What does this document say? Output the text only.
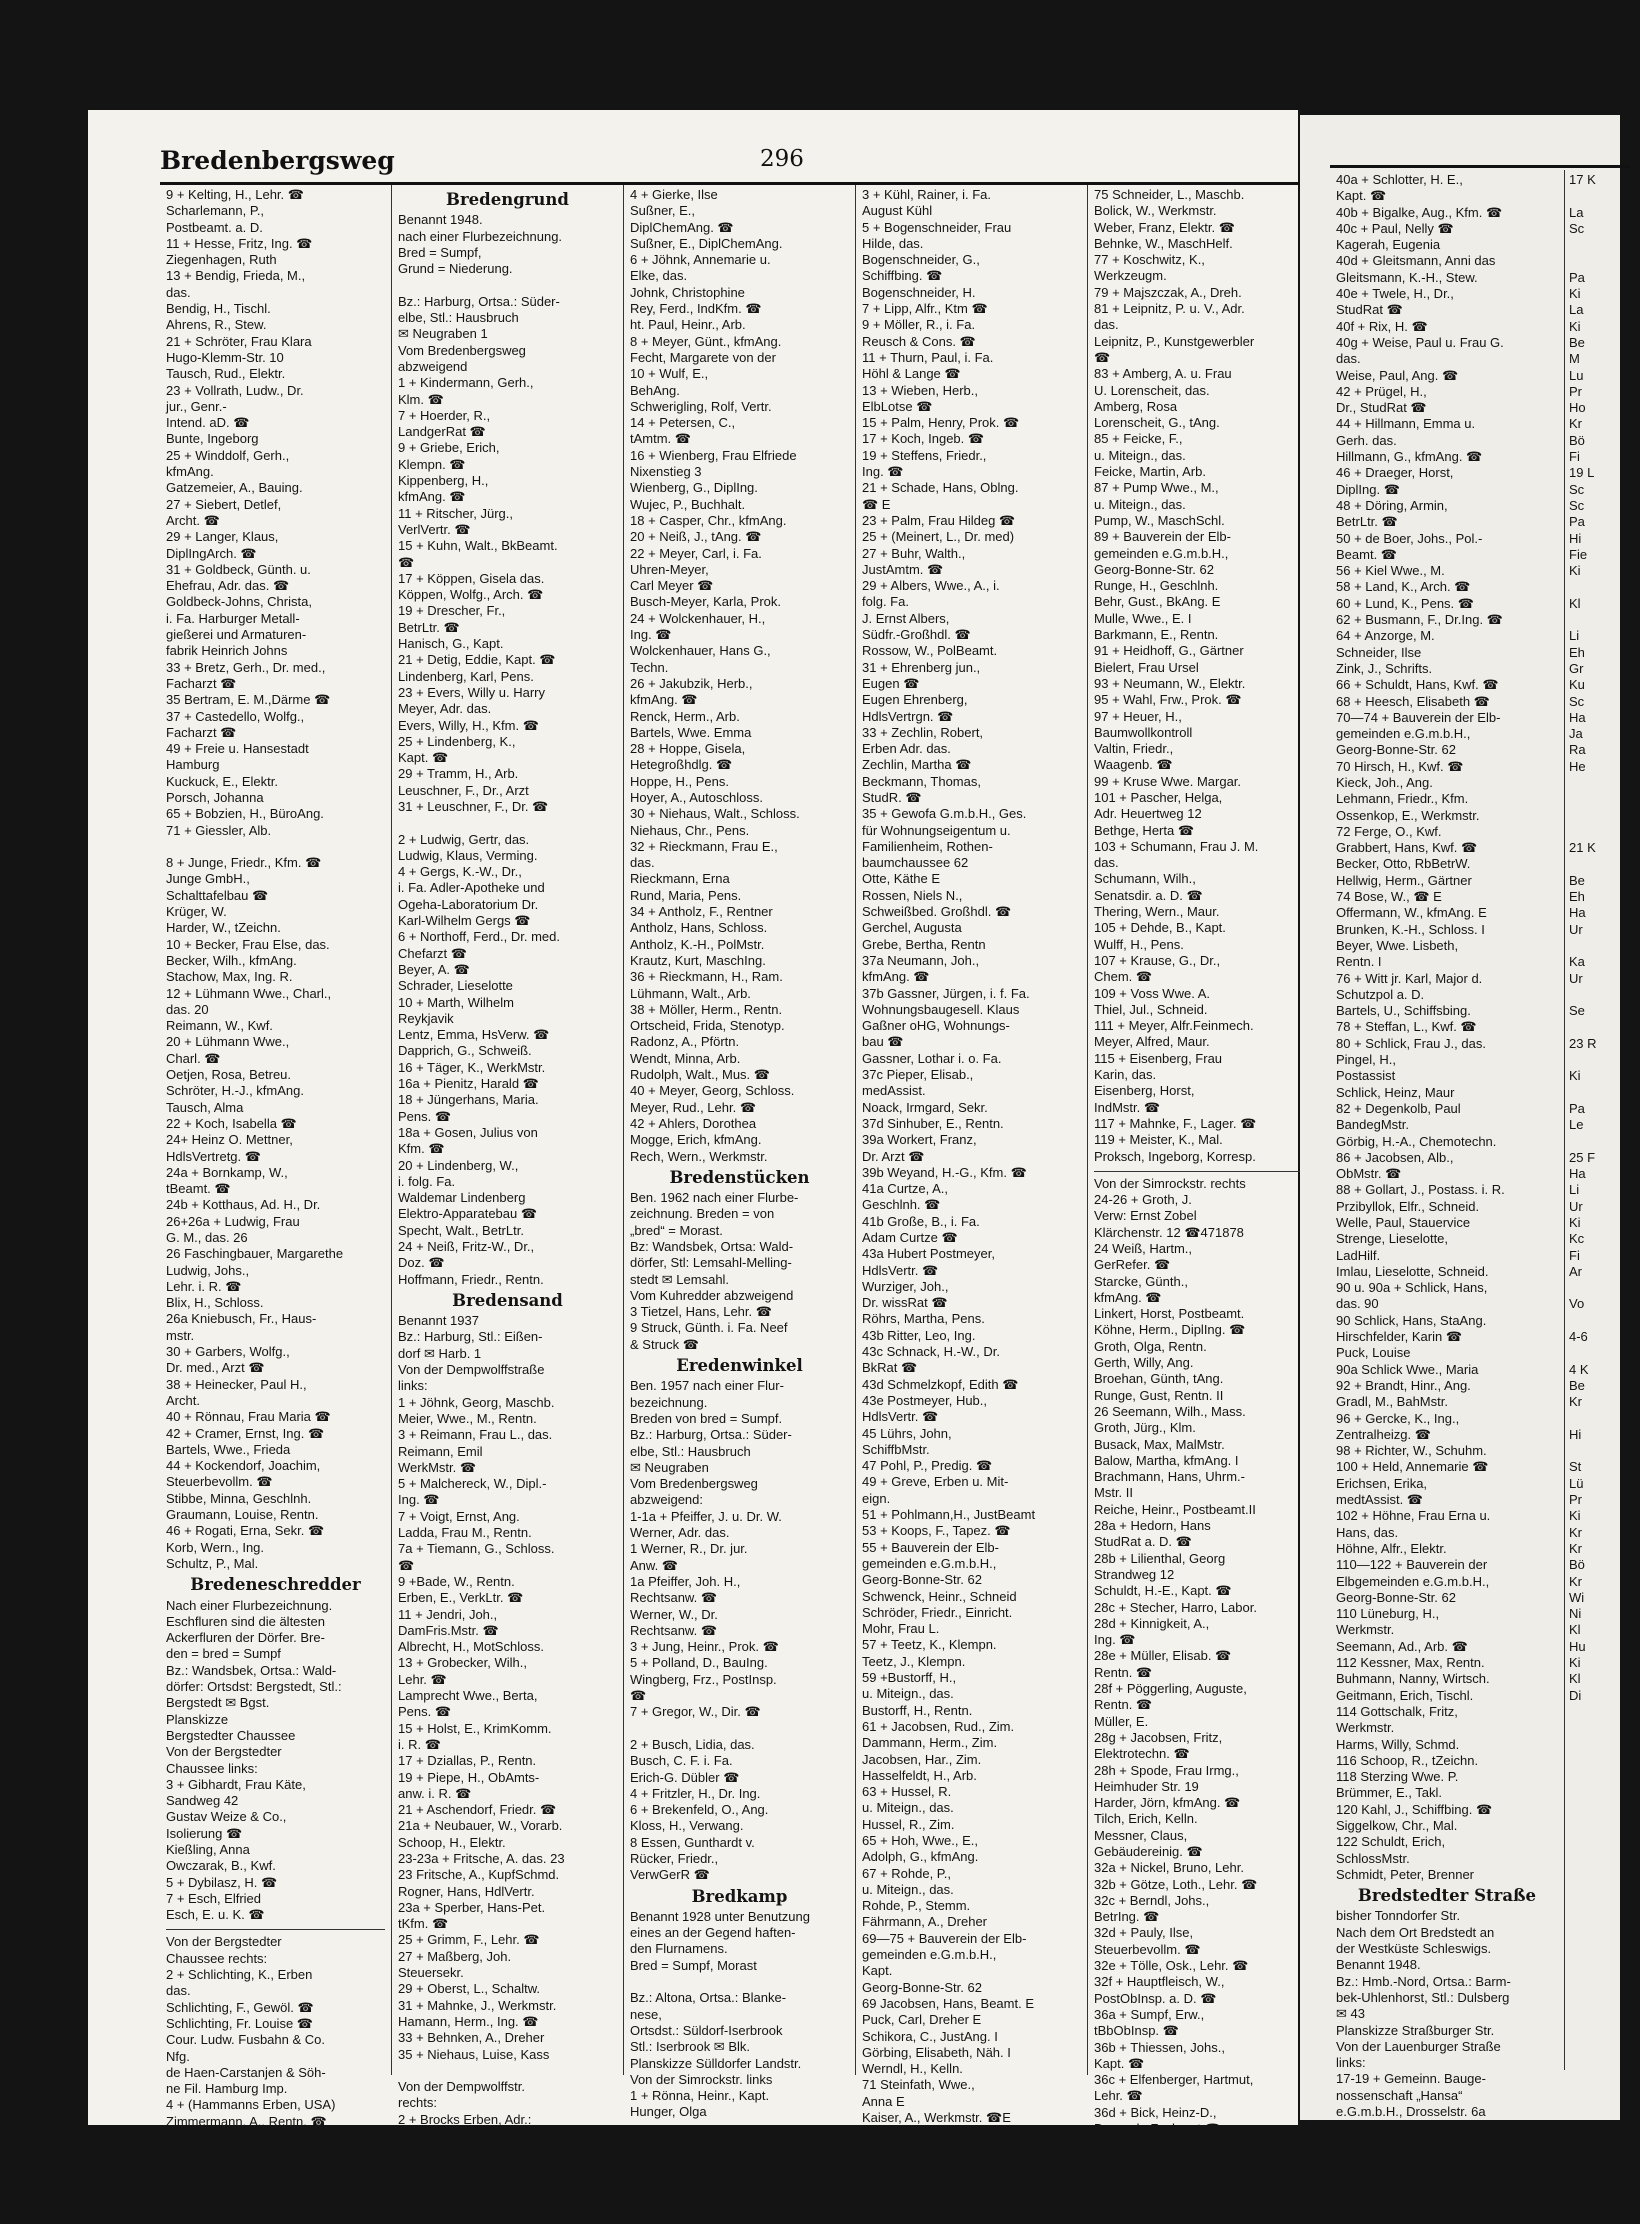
Bredenbergsweg	296
9 + Kelting, H., Lehr. ☎
Scharlemann, P.,
Postbeamt. a. D.
11 + Hesse, Fritz, Ing. ☎
Ziegenhagen, Ruth
13 + Bendig, Frieda, M.,
das.
Bendig, H., Tischl.
Ahrens, R., Stew.
21 + Schröter, Frau Klara
Hugo-Klemm-Str. 10
Tausch, Rud., Elektr.
23 + Vollrath, Ludw., Dr.
jur., Genr.-
Intend. aD. ☎
Bunte, Ingeborg
25 + Winddolf, Gerh.,
kfmAng.
Gatzemeier, A., Bauing.
27 + Siebert, Detlef,
Archt. ☎
29 + Langer, Klaus,
DiplIngArch. ☎
31 + Goldbeck, Günth. u.
Ehefrau, Adr. das. ☎
Goldbeck-Johns, Christa,
i. Fa. Harburger Metall-
gießerei und Armaturen-
fabrik Heinrich Johns
33 + Bretz, Gerh., Dr. med.,
Facharzt ☎
35 Bertram, E. M.,Därme ☎
37 + Castedello, Wolfg.,
Facharzt ☎
49 + Freie u. Hansestadt
Hamburg
Kuckuck, E., Elektr.
Porsch, Johanna
65 + Bobzien, H., BüroAng.
71 + Giessler, Alb.

8 + Junge, Friedr., Kfm. ☎
Junge GmbH.,
Schalttafelbau ☎
Krüger, W.
Harder, W., tZeichn.
10 + Becker, Frau Else, das.
Becker, Wilh., kfmAng.
Stachow, Max, Ing. R.
12 + Lühmann Wwe., Charl.,
das. 20
Reimann, W., Kwf.
20 + Lühmann Wwe.,
Charl. ☎
Oetjen, Rosa, Betreu.
Schröter, H.-J., kfmAng.
Tausch, Alma
22 + Koch, Isabella ☎
24+ Heinz O. Mettner,
HdlsVertretg. ☎
24a + Bornkamp, W.,
tBeamt. ☎
24b + Kotthaus, Ad. H., Dr.
26+26a + Ludwig, Frau
G. M., das. 26
26 Faschingbauer, Margarethe
Ludwig, Johs.,
Lehr. i. R. ☎
Blix, H., Schloss.
26a Kniebusch, Fr., Haus-
mstr.
30 + Garbers, Wolfg.,
Dr. med., Arzt ☎
38 + Heinecker, Paul H.,
Archt.
40 + Rönnau, Frau Maria ☎
42 + Cramer, Ernst, Ing. ☎
Bartels, Wwe., Frieda
44 + Kockendorf, Joachim,
Steuerbevollm. ☎
Stibbe, Minna, Geschlnh.
Graumann, Louise, Rentn.
46 + Rogati, Erna, Sekr. ☎
Korb, Wern., Ing.
Schultz, P., Mal.
Bredeneschredder
Nach einer Flurbezeichnung.
Eschfluren sind die ältesten
Ackerfluren der Dörfer. Bre-
den = bred = Sumpf
Bz.: Wandsbek, Ortsa.: Wald-
dörfer: Ortsdst: Bergstedt, Stl.:
Bergstedt ✉ Bgst.
Planskizze
Bergstedter Chaussee
Von der Bergstedter
Chaussee links:
3 + Gibhardt, Frau Käte,
Sandweg 42
Gustav Weize & Co.,
Isolierung ☎
Kießling, Anna
Owczarak, B., Kwf.
5 + Dybilasz, H. ☎
7 + Esch, Elfried
Esch, E. u. K. ☎
Von der Bergstedter
Chaussee rechts:
2 + Schlichting, K., Erben
das.
Schlichting, F., Gewöl. ☎
Schlichting, Fr. Louise ☎
Cour. Ludw. Fusbahn & Co.
Nfg.
de Haen-Carstanjen & Söh-
ne Fil. Hamburg Imp.
4 + (Hammanns Erben, USA)
Zimmermann, A., Rentn. ☎
Broer, Helm., Postarb.
8 + Twisselmann, H. H.
Prell, Wwe., A.
Bredengrund
Benannt 1948.
nach einer Flurbezeichnung.
Bred = Sumpf,
Grund = Niederung.

Bz.: Harburg, Ortsa.: Süder-
elbe, Stl.: Hausbruch
✉ Neugraben 1
Vom Bredenbergsweg
abzweigend
1 + Kindermann, Gerh.,
Klm. ☎
7 + Hoerder, R.,
LandgerRat ☎
9 + Griebe, Erich,
Klempn. ☎
Kippenberg, H.,
kfmAng. ☎
11 + Ritscher, Jürg.,
VerlVertr. ☎
15 + Kuhn, Walt., BkBeamt.
☎
17 + Köppen, Gisela das.
Köppen, Wolfg., Arch. ☎
19 + Drescher, Fr.,
BetrLtr. ☎
Hanisch, G., Kapt.
21 + Detig, Eddie, Kapt. ☎
Lindenberg, Karl, Pens.
23 + Evers, Willy u. Harry
Meyer, Adr. das.
Evers, Willy, H., Kfm. ☎
25 + Lindenberg, K.,
Kapt. ☎
29 + Tramm, H., Arb.
Leuschner, F., Dr., Arzt
31 + Leuschner, F., Dr. ☎

2 + Ludwig, Gertr, das.
Ludwig, Klaus, Verming.
4 + Gergs, K.-W., Dr.,
i. Fa. Adler-Apotheke und
Ogeha-Laboratorium Dr.
Karl-Wilhelm Gergs ☎
6 + Northoff, Ferd., Dr. med.
Chefarzt ☎
Beyer, A. ☎
Schrader, Lieselotte
10 + Marth, Wilhelm
Reykjavik
Lentz, Emma, HsVerw. ☎
Dapprich, G., Schweiß.
16 + Täger, K., WerkMstr.
16a + Pienitz, Harald ☎
18 + Jüngerhans, Maria.
Pens. ☎
18a + Gosen, Julius von
Kfm. ☎
20 + Lindenberg, W.,
i. folg. Fa.
Waldemar Lindenberg
Elektro-Apparatebau ☎
Specht, Walt., BetrLtr.
24 + Neiß, Fritz-W., Dr.,
Doz. ☎
Hoffmann, Friedr., Rentn.
Bredensand
Benannt 1937
Bz.: Harburg, Stl.: Eißen-
dorf ✉ Harb. 1
Von der Dempwolffstraße
links:
1 + Jöhnk, Georg, Maschb.
Meier, Wwe., M., Rentn.
3 + Reimann, Frau L., das.
Reimann, Emil
WerkMstr. ☎
5 + Malchereck, W., Dipl.-
Ing. ☎
7 + Voigt, Ernst, Ang.
Ladda, Frau M., Rentn.
7a + Tiemann, G., Schloss.
☎
9 +Bade, W., Rentn.
Erben, E., VerkLtr. ☎
11 + Jendri, Joh.,
DamFris.Mstr. ☎
Albrecht, H., MotSchloss.
13 + Grobecker, Wilh.,
Lehr. ☎
Lamprecht Wwe., Berta,
Pens. ☎
15 + Holst, E., KrimKomm.
i. R. ☎
17 + Dziallas, P., Rentn.
19 + Piepe, H., ObAmts-
anw. i. R. ☎
21 + Aschendorf, Friedr. ☎
21a + Neubauer, W., Vorarb.
Schoop, H., Elektr.
23-23a + Fritsche, A. das. 23
23 Fritsche, A., KupfSchmd.
Rogner, Hans, HdlVertr.
23a + Sperber, Hans-Pet.
tKfm. ☎
25 + Grimm, F., Lehr. ☎
27 + Maßberg, Joh.
Steuersekr.
29 + Oberst, L., Schaltw.
31 + Mahnke, J., Werkmstr.
Hamann, Herm., Ing. ☎
33 + Behnken, A., Dreher
35 + Niehaus, Luise, Kass

Von der Dempwolffstr.
rechts:
2 + Brocks Erben, Adr.:
G. Sievers, das.
Sievers, Rolf, Bauing. ☎
4 + Gierke, Ilse
Sußner, E.,
DiplChemAng. ☎
Sußner, E., DiplChemAng.
6 + Jöhnk, Annemarie u.
Elke, das.
Johnk, Christophine
Rey, Ferd., IndKfm. ☎
ht. Paul, Heinr., Arb.
8 + Meyer, Günt., kfmAng.
Fecht, Margarete von der
10 + Wulf, E.,
BehAng.
Schwerigling, Rolf, Vertr.
14 + Petersen, C.,
tAmtm. ☎
16 + Wienberg, Frau Elfriede
Nixenstieg 3
Wienberg, G., DiplIng.
Wujec, P., Buchhalt.
18 + Casper, Chr., kfmAng.
20 + Neiß, J., tAng. ☎
22 + Meyer, Carl, i. Fa.
Uhren-Meyer,
Carl Meyer ☎
Busch-Meyer, Karla, Prok.
24 + Wolckenhauer, H.,
Ing. ☎
Wolckenhauer, Hans G.,
Techn.
26 + Jakubzik, Herb.,
kfmAng. ☎
Renck, Herm., Arb.
Bartels, Wwe. Emma
28 + Hoppe, Gisela,
Hetegroßhdlg. ☎
Hoppe, H., Pens.
Hoyer, A., Autoschloss.
30 + Niehaus, Walt., Schloss.
Niehaus, Chr., Pens.
32 + Rieckmann, Frau E.,
das.
Rieckmann, Erna
Rund, Maria, Pens.
34 + Antholz, F., Rentner
Antholz, Hans, Schloss.
Antholz, K.-H., PolMstr.
Krautz, Kurt, MaschIng.
36 + Rieckmann, H., Ram.
Lühmann, Walt., Arb.
38 + Möller, Herm., Rentn.
Ortscheid, Frida, Stenotyp.
Radonz, A., Pförtn.
Wendt, Minna, Arb.
Rudolph, Walt., Mus. ☎
40 + Meyer, Georg, Schloss.
Meyer, Rud., Lehr. ☎
42 + Ahlers, Dorothea
Mogge, Erich, kfmAng.
Rech, Wern., Werkmstr.
Bredenstücken
Ben. 1962 nach einer Flurbe-
zeichnung. Breden = von
„bred“ = Morast.
Bz: Wandsbek, Ortsa: Wald-
dörfer, Stl: Lemsahl-Melling-
stedt ✉ Lemsahl.
Vom Kuhredder abzweigend
3 Tietzel, Hans, Lehr. ☎
9 Struck, Günth. i. Fa. Neef
& Struck ☎
Eredenwinkel
Ben. 1957 nach einer Flur-
bezeichnung.
Breden von bred = Sumpf.
Bz.: Harburg, Ortsa.: Süder-
elbe, Stl.: Hausbruch
✉ Neugraben
Vom Bredenbergsweg
abzweigend:
1-1a + Pfeiffer, J. u. Dr. W.
Werner, Adr. das.
1 Werner, R., Dr. jur.
Anw. ☎
1a Pfeiffer, Joh. H.,
Rechtsanw. ☎
Werner, W., Dr.
Rechtsanw. ☎
3 + Jung, Heinr., Prok. ☎
5 + Polland, D., BauIng.
Wingberg, Frz., PostInsp.
☎
7 + Gregor, W., Dir. ☎

2 + Busch, Lidia, das.
Busch, C. F. i. Fa.
Erich-G. Dübler ☎
4 + Fritzler, H., Dr. Ing.
6 + Brekenfeld, O., Ang.
Kloss, H., Verwang.
8 Essen, Gunthardt v.
Rücker, Friedr.,
VerwGerR ☎
Bredkamp
Benannt 1928 unter Benutzung
eines an der Gegend haften-
den Flurnamens.
Bred = Sumpf, Morast

Bz.: Altona, Ortsa.: Blanke-
nese,
Ortsdst.: Süldorf-Iserbrook
Stl.: Iserbrook ✉ Blk.
Planskizze Sülldorfer Landstr.
Von der Simrockstr. links
1 + Rönna, Heinr., Kapt.
Hunger, Olga
3 + Kühl, Rainer, i. Fa.
August Kühl
5 + Bogenschneider, Frau
Hilde, das.
Bogenschneider, G.,
Schiffbing. ☎
Bogenschneider, H.
7 + Lipp, Alfr., Ktm ☎
9 + Möller, R., i. Fa.
Reusch & Cons. ☎
11 + Thurn, Paul, i. Fa.
Höhl & Lange ☎
13 + Wieben, Herb.,
ElbLotse ☎
15 + Palm, Henry, Prok. ☎
17 + Koch, Ingeb. ☎
19 + Steffens, Friedr.,
Ing. ☎
21 + Schade, Hans, Oblng.
☎ E
23 + Palm, Frau Hildeg ☎
25 + (Meinert, L., Dr. med)
27 + Buhr, Walth.,
JustAmtm. ☎
29 + Albers, Wwe., A., i.
folg. Fa.
J. Ernst Albers,
Südfr.-Großhdl. ☎
Rossow, W., PolBeamt.
31 + Ehrenberg jun.,
Eugen ☎
Eugen Ehrenberg,
HdlsVertrgn. ☎
33 + Zechlin, Robert,
Erben Adr. das.
Zechlin, Martha ☎
Beckmann, Thomas,
StudR. ☎
35 + Gewofa G.m.b.H., Ges.
für Wohnungseigentum u.
Familienheim, Rothen-
baumchaussee 62
Otte, Käthe E
Rossen, Niels N.,
Schweißbed. Großhdl. ☎
Gerchel, Augusta
Grebe, Bertha, Rentn
37a Neumann, Joh.,
kfmAng. ☎
37b Gassner, Jürgen, i. f. Fa.
Wohnungsbaugesell. Klaus
Gaßner oHG, Wohnungs-
bau ☎
Gassner, Lothar i. o. Fa.
37c Pieper, Elisab.,
medAssist.
Noack, Irmgard, Sekr.
37d Sinhuber, E., Rentn.
39a Workert, Franz,
Dr. Arzt ☎
39b Weyand, H.-G., Kfm. ☎
41a Curtze, A.,
Geschlnh. ☎
41b Große, B., i. Fa.
Adam Curtze ☎
43a Hubert Postmeyer,
HdlsVertr. ☎
Wurziger, Joh.,
Dr. wissRat ☎
Röhrs, Martha, Pens.
43b Ritter, Leo, Ing.
43c Schnack, H.-W., Dr.
BkRat ☎
43d Schmelzkopf, Edith ☎
43e Postmeyer, Hub.,
HdlsVertr. ☎
45 Lührs, John,
SchiffbMstr.
47 Pohl, P., Predig. ☎
49 + Greve, Erben u. Mit-
eign.
51 + Pohlmann,H., JustBeamt
53 + Koops, F., Tapez. ☎
55 + Bauverein der Elb-
gemeinden e.G.m.b.H.,
Georg-Bonne-Str. 62
Schwenck, Heinr., Schneid
Schröder, Friedr., Einricht.
Mohr, Frau L.
57 + Teetz, K., Klempn.
Teetz, J., Klempn.
59 +Bustorff, H.,
u. Miteign., das.
Bustorff, H., Rentn.
61 + Jacobsen, Rud., Zim.
Dammann, Herm., Zim.
Jacobsen, Har., Zim.
Hasselfeldt, H., Arb.
63 + Hussel, R.
u. Miteign., das.
Hussel, R., Zim.
65 + Hoh, Wwe., E.,
Adolph, G., kfmAng.
67 + Rohde, P.,
u. Miteign., das.
Rohde, P., Stemm.
Fährmann, A., Dreher
69—75 + Bauverein der Elb-
gemeinden e.G.m.b.H.,
Kapt.
Georg-Bonne-Str. 62
69 Jacobsen, Hans, Beamt. E
Puck, Carl, Dreher E
Schikora, C., JustAng. I
Görbing, Elisabeth, Näh. I
Werndl, H., Kelln.
71 Steinfath, Wwe.,
Anna E
Kaiser, A., Werkmstr. ☎E
Hasenjäger, Alfr., Dreh. E
Dettloff, Paul, kfmAng. I
73 Appen, Frau E. von E
Kramp, Hans, Lagerhalt. E
Pilz, Herm., Kass. ☎E
Minke, W., Werkmstr I
75 Schneider, L., Maschb.
Bolick, W., Werkmstr.
Weber, Franz, Elektr. ☎
Behnke, W., MaschHelf.
77 + Koschwitz, K.,
Werkzeugm.
79 + Majszczak, A., Dreh.
81 + Leipnitz, P. u. V., Adr.
das.
Leipnitz, P., Kunstgewerbler
☎
83 + Amberg, A. u. Frau
U. Lorenscheit, das.
Amberg, Rosa
Lorenscheit, G., tAng.
85 + Feicke, F.,
u. Miteign., das.
Feicke, Martin, Arb.
87 + Pump Wwe., M.,
u. Miteign., das.
Pump, W., MaschSchl.
89 + Bauverein der Elb-
gemeinden e.G.m.b.H.,
Georg-Bonne-Str. 62
Runge, H., Geschlnh.
Behr, Gust., BkAng. E
Mulle, Wwe., E. I
Barkmann, E., Rentn.
91 + Heidhoff, G., Gärtner
Bielert, Frau Ursel
93 + Neumann, W., Elektr.
95 + Wahl, Frw., Prok. ☎
97 + Heuer, H.,
Baumwollkontroll
Valtin, Friedr.,
Waagenb. ☎
99 + Kruse Wwe. Margar.
101 + Pascher, Helga,
Adr. Heuertweg 12
Bethge, Herta ☎
103 + Schumann, Frau J. M.
das.
Schumann, Wilh.,
Senatsdir. a. D. ☎
Thering, Wern., Maur.
105 + Dehde, B., Kapt.
Wulff, H., Pens.
107 + Krause, G., Dr.,
Chem. ☎
109 + Voss Wwe. A.
Thiel, Jul., Schneid.
111 + Meyer, Alfr.Feinmech.
Meyer, Alfred, Maur.
115 + Eisenberg, Frau
Karin, das.
Eisenberg, Horst,
IndMstr. ☎
117 + Mahnke, F., Lager. ☎
119 + Meister, K., Mal.
Proksch, Ingeborg, Korresp.
Von der Simrockstr. rechts
24-26 + Groth, J.
Verw: Ernst Zobel
Klärchenstr. 12 ☎471878
24 Weiß, Hartm.,
GerRefer. ☎
Starcke, Günth.,
kfmAng. ☎
Linkert, Horst, Postbeamt.
Köhne, Herm., DiplIng. ☎
Groth, Olga, Rentn.
Gerth, Willy, Ang.
Broehan, Günth, tAng.
Runge, Gust, Rentn. II
26 Seemann, Wilh., Mass.
Groth, Jürg., Klm.
Busack, Max, MalMstr.
Balow, Martha, kfmAng. I
Brachmann, Hans, Uhrm.-
Mstr. II
Reiche, Heinr., Postbeamt.II
28a + Hedorn, Hans
StudRat a. D. ☎
28b + Lilienthal, Georg
Strandweg 12
Schuldt, H.-E., Kapt. ☎
28c + Stecher, Harro, Labor.
28d + Kinnigkeit, A.,
Ing. ☎
28e + Müller, Elisab. ☎
Rentn. ☎
28f + Pöggerling, Auguste,
Rentn. ☎
Müller, E.
28g + Jacobsen, Fritz,
Elektrotechn. ☎
28h + Spode, Frau Irmg.,
Heimhuder Str. 19
Harder, Jörn, kfmAng. ☎
Tilch, Erich, Kelln.
Messner, Claus,
Gebäudereinig. ☎
32a + Nickel, Bruno, Lehr.
32b + Götze, Loth., Lehr. ☎
32c + Berndl, Johs.,
BetrIng. ☎
32d + Pauly, Ilse,
Steuerbevollm. ☎
32e + Tölle, Osk., Lehr. ☎
32f + Hauptfleisch, W.,
PostObInsp. a. D. ☎
36a + Sumpf, Erw.,
tBbObInsp. ☎
36b + Thiessen, Johs.,
Kapt. ☎
36c + Elfenberger, Hartmut,
Lehr. ☎
36d + Bick, Heinz-D.,
Dr. med., Facharzt ☎
36e + Ehmsen, Emil,
Pikartenkamp 11
Zwikalowski, R., Ing. ☎
36f + Ahrens, Heinz,
Postinsp. ☎
40a + Schlotter, H. E.,
Kapt. ☎
40b + Bigalke, Aug., Kfm. ☎
40c + Paul, Nelly ☎
Kagerah, Eugenia
40d + Gleitsmann, Anni das
Gleitsmann, K.-H., Stew.
40e + Twele, H., Dr.,
StudRat ☎
40f + Rix, H. ☎
40g + Weise, Paul u. Frau G.
das.
Weise, Paul, Ang. ☎
42 + Prügel, H.,
Dr., StudRat ☎
44 + Hillmann, Emma u.
Gerh. das.
Hillmann, G., kfmAng. ☎
46 + Draeger, Horst,
DiplIng. ☎
48 + Döring, Armin,
BetrLtr. ☎
50 + de Boer, Johs., Pol.-
Beamt. ☎
56 + Kiel Wwe., M.
58 + Land, K., Arch. ☎
60 + Lund, K., Pens. ☎
62 + Busmann, F., Dr.Ing. ☎
64 + Anzorge, M.
Schneider, Ilse
Zink, J., Schrifts.
66 + Schuldt, Hans, Kwf. ☎
68 + Heesch, Elisabeth ☎
70—74 + Bauverein der Elb-
gemeinden e.G.m.b.H.,
Georg-Bonne-Str. 62
70 Hirsch, H., Kwf. ☎
Kieck, Joh., Ang.
Lehmann, Friedr., Kfm.
Ossenkop, E., Werkmstr.
72 Ferge, O., Kwf.
Grabbert, Hans, Kwf. ☎
Becker, Otto, RbBetrW.
Hellwig, Herm., Gärtner
74 Bose, W., ☎ E
Offermann, W., kfmAng. E
Brunken, K.-H., Schloss. I
Beyer, Wwe. Lisbeth,
Rentn. I
76 + Witt jr. Karl, Major d.
Schutzpol a. D.
Bartels, U., Schiffsbing.
78 + Steffan, L., Kwf. ☎
80 + Schlick, Frau J., das.
Pingel, H.,
Postassist
Schlick, Heinz, Maur
82 + Degenkolb, Paul
BandegMstr.
Görbig, H.-A., Chemotechn.
86 + Jacobsen, Alb.,
ObMstr. ☎
88 + Gollart, J., Postass. i. R.
Przibyllok, Elfr., Schneid.
Welle, Paul, Stauervice
Strenge, Lieselotte,
LadHilf.
Imlau, Lieselotte, Schneid.
90 u. 90a + Schlick, Hans,
das. 90
90 Schlick, Hans, StaAng.
Hirschfelder, Karin ☎
Puck, Louise
90a Schlick Wwe., Maria
92 + Brandt, Hinr., Ang.
Gradl, M., BahMstr.
96 + Gercke, K., Ing.,
Zentralheizg. ☎
98 + Richter, W., Schuhm.
100 + Held, Annemarie ☎
Erichsen, Erika,
medtAssist. ☎
102 + Höhne, Frau Erna u.
Hans, das.
Höhne, Alfr., Elektr.
110—122 + Bauverein der
Elbgemeinden e.G.m.b.H.,
Georg-Bonne-Str. 62
110 Lüneburg, H.,
Werkmstr.
Seemann, Ad., Arb. ☎
112 Kessner, Max, Rentn.
Buhmann, Nanny, Wirtsch.
Geitmann, Erich, Tischl.
114 Gottschalk, Fritz,
Werkmstr.
Harms, Willy, Schmd.
116 Schoop, R., tZeichn.
118 Sterzing Wwe. P.
Brümmer, E., Takl.
120 Kahl, J., Schiffbing. ☎
Siggelkow, Chr., Mal.
122 Schuldt, Erich,
SchlossMstr.
Schmidt, Peter, Brenner
Bredstedter Straße
bisher Tonndorfer Str.
Nach dem Ort Bredstedt an
der Westküste Schleswigs.
Benannt 1948.
Bz.: Hmb.-Nord, Ortsa.: Barm-
bek-Uhlenhorst, Stl.: Dulsberg
✉ 43
Planskizze Straßburger Str.
Von der Lauenburger Straße
links:
17-19 + Gemeinn. Bauge-
nossenschaft „Hansa“
e.G.m.b.H., Drosselstr. 6a
17 K

La
Sc

Pa
Ki
La
Ki
Be
M
Lu
Pr
Ho
Kr
Bö
Fi
19 L
Sc
Sc
Pa
Hi
Fie
Ki

Kl

Li
Eh
Gr
Ku
Sc
Ha
Ja
Ra
He

21 K

Be
Eh
Ha
Ur

Ka
Ur

Se

23 R

Ki

Pa
Le

25 F
Ha
Li
Ur
Ki
Kc
Fi
Ar

Vo

4-6

4 K
Be
Kr

Hi

St
Lü
Pr
Ki
Kr
Kr
Bö
Kr
Wi
Ni
Kl
Hu
Ki
Kl
Di
